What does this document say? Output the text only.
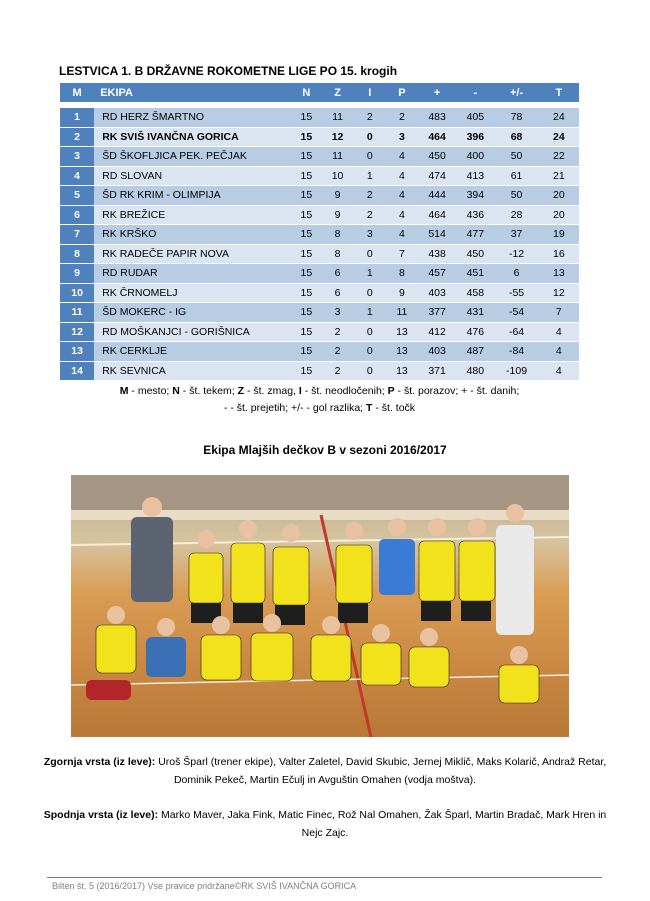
LESTVICA 1. B DRŽAVNE ROKOMETNE LIGE PO 15. krogih
M	EKIPA	N	Z	I	P	+	-	+/-	T

1	RD HERZ ŠMARTNO	15	11	2	2	483	405	78	24
2	RK SVIŠ IVANČNA GORICA	15	12	0	3	464	396	68	24
3	ŠD ŠKOFLJICA PEK. PEČJAK	15	11	0	4	450	400	50	22
4	RD SLOVAN	15	10	1	4	474	413	61	21
5	ŠD RK KRIM - OLIMPIJA	15	9	2	4	444	394	50	20
6	RK BREŽICE	15	9	2	4	464	436	28	20
7	RK KRŠKO	15	8	3	4	514	477	37	19
8	RK RADEČE PAPIR NOVA	15	8	0	7	438	450	-12	16
9	RD RUDAR	15	6	1	8	457	451	6	13
10	RK ČRNOMELJ	15	6	0	9	403	458	-55	12
11	ŠD MOKERC - IG	15	3	1	11	377	431	-54	7
12	RD MOŠKANJCI - GORIŠNICA	15	2	0	13	412	476	-64	4
13	RK CERKLJE	15	2	0	13	403	487	-84	4
14	RK SEVNICA	15	2	0	13	371	480	-109	4
M - mesto; N - št. tekem; Z - št. zmag, I - št. neodločenih; P - št. porazov; + - št. danih;
- - št. prejetih; +/- - gol razlika; T - št. točk
Ekipa Mlajših dečkov B v sezoni 2016/2017
Zgornja vrsta (iz leve): Uroš Šparl (trener ekipe), Valter Zaletel, David Skubic, Jernej Miklič, Maks Kolarič, Andraž Retar, Dominik Pekeč, Martin Ečulj in Avguštin Omahen (vodja moštva).
Spodnja vrsta (iz leve): Marko Maver, Jaka Fink, Matic Finec, Rož Nal Omahen, Žak Šparl, Martin Bradač, Mark Hren in Nejc Zajc.
Bilten št. 5 (2016/2017) Vse pravice pridržane©RK SVIŠ IVANČNA GORICA
